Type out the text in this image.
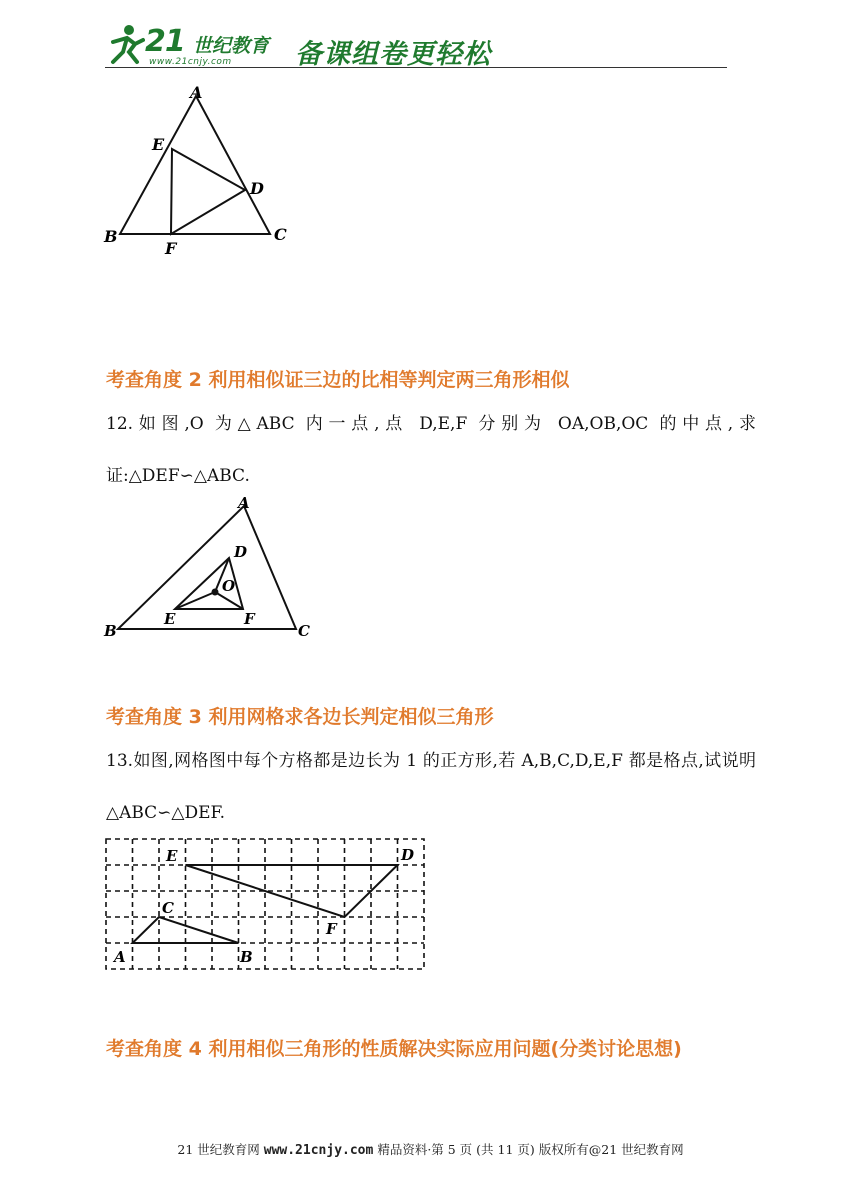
21 世纪教育
www.21cnjy.com 备课组卷更轻松
A
E
D
B	C
F
考查角度 2 利用相似证三边的比相等判定两三角形相似
12.如图,O 为△ABC 内一点,点 D,E,F 分别为 OA,OB,OC 的中点,求证:△DEF∽△ABC.
A
D
O
E	F
B	C
考查角度 3 利用网格求各边长判定相似三角形
13.如图,网格图中每个方格都是边长为 1 的正方形,若 A,B,C,D,E,F 都是格点,试说明△ABC∽△DEF.
E	D
C
F
A	B
考查角度 4 利用相似三角形的性质解决实际应用问题(分类讨论思想)
21 世纪教育网 www.21cnjy.com 精品资料·第 5 页 (共 11 页) 版权所有@21 世纪教育网
